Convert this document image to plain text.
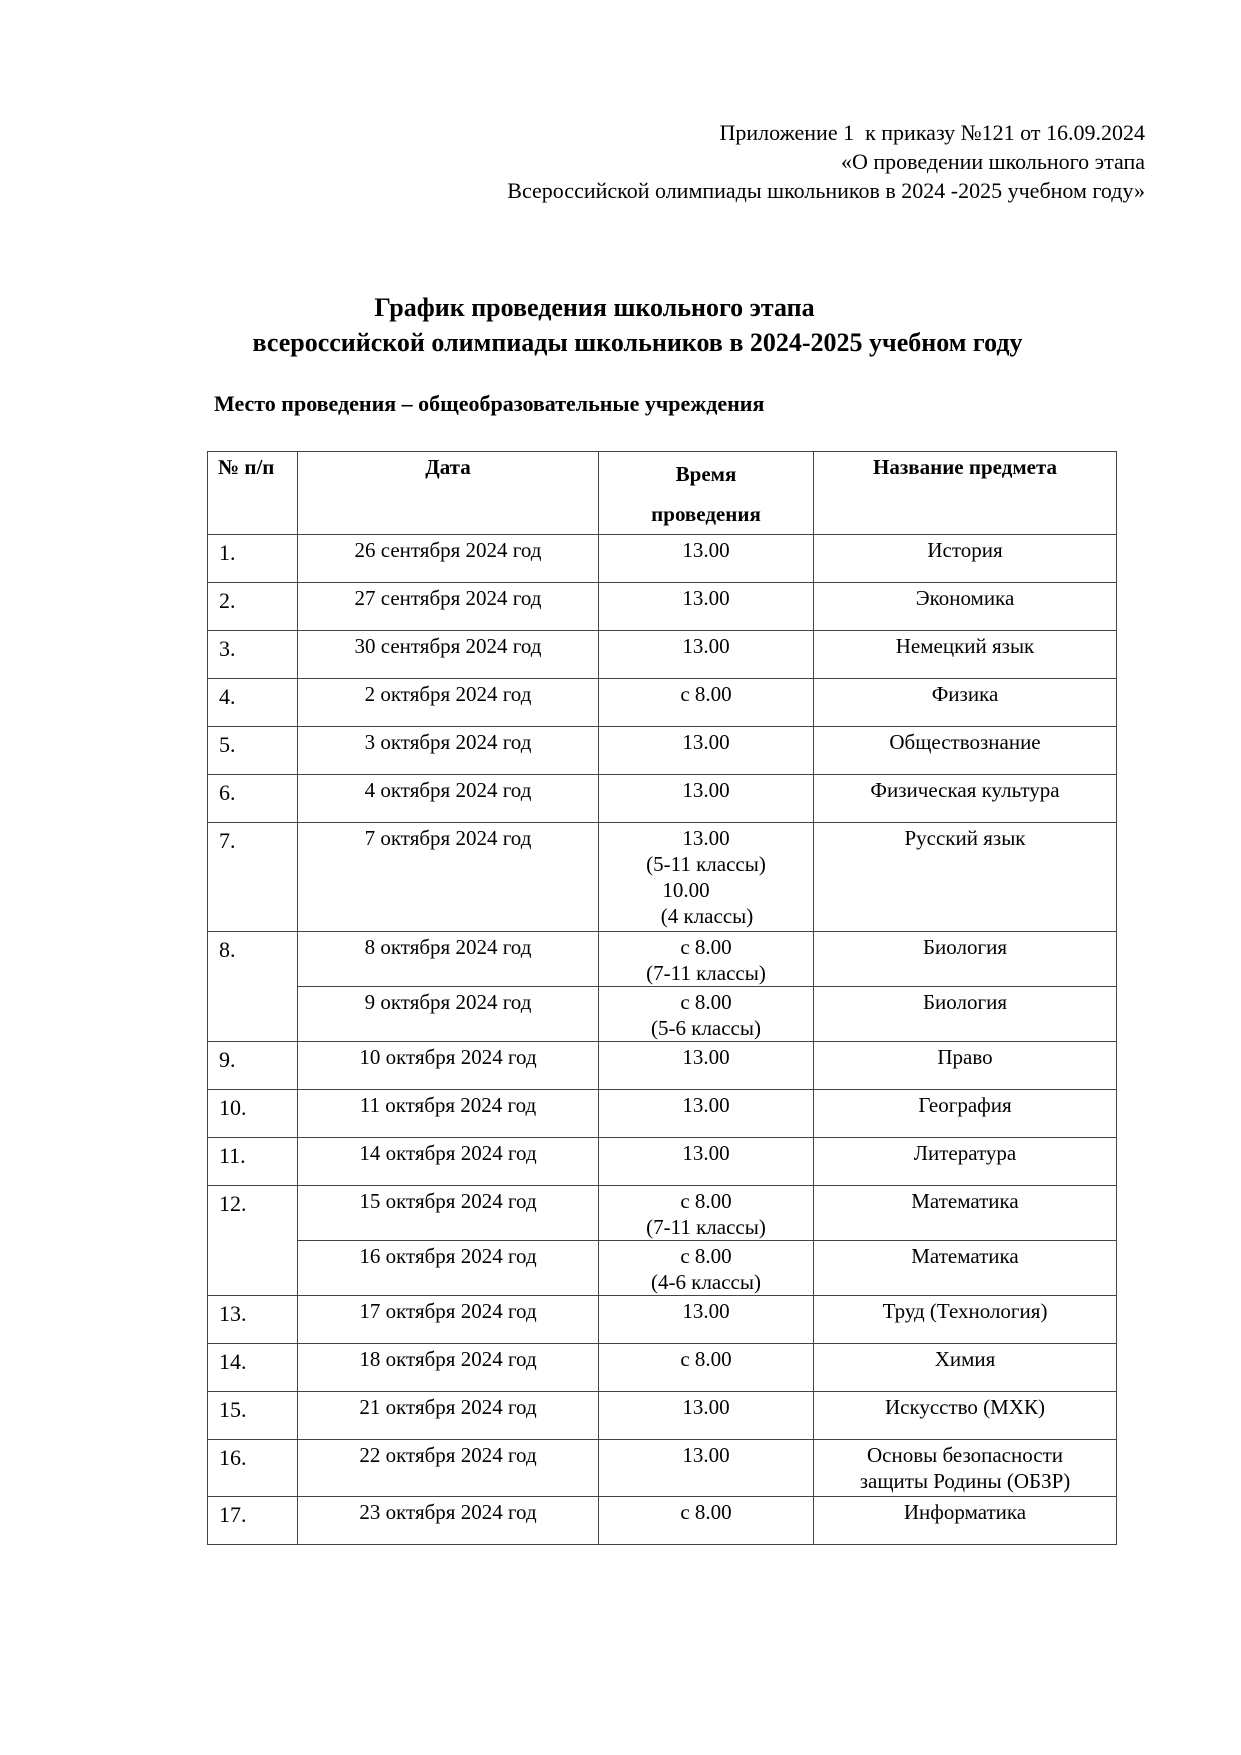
Приложение 1  к приказу №121 от 16.09.2024
«О проведении школьного этапа
Всероссийской олимпиады школьников в 2024 -2025 учебном году»
График проведения школьного этапа
всероссийской олимпиады школьников в 2024-2025 учебном году
Место проведения – общеобразовательные учреждения
№ п/п	Дата	Время
проведения	Название предмета
1.	26 сентября 2024 год	13.00	История
2.	27 сентября 2024 год	13.00	Экономика
3.	30 сентября 2024 год	13.00	Немецкий язык
4.	2 октября 2024 год	с 8.00	Физика
5.	3 октября 2024 год	13.00	Обществознание
6.	4 октября 2024 год	13.00	Физическая культура
7.	7 октября 2024 год	13.00
(5-11 классы)
10.00
(4 классы)	Русский язык
8.	8 октября 2024 год	с 8.00
(7-11 классы)	Биология
	9 октября 2024 год	с 8.00
(5-6 классы)	Биология
9.	10 октября 2024 год	13.00	Право
10.	11 октября 2024 год	13.00	География
11.	14 октября 2024 год	13.00	Литература
12.	15 октября 2024 год	с 8.00
(7-11 классы)	Математика
	16 октября 2024 год	с 8.00
(4-6 классы)	Математика
13.	17 октября 2024 год	13.00	Труд (Технология)
14.	18 октября 2024 год	с 8.00	Химия
15.	21 октября 2024 год	13.00	Искусство (МХК)
16.	22 октября 2024 год	13.00	Основы безопасности
защиты Родины (ОБЗР)

17.	23 октября 2024 год	с 8.00	Информатика
